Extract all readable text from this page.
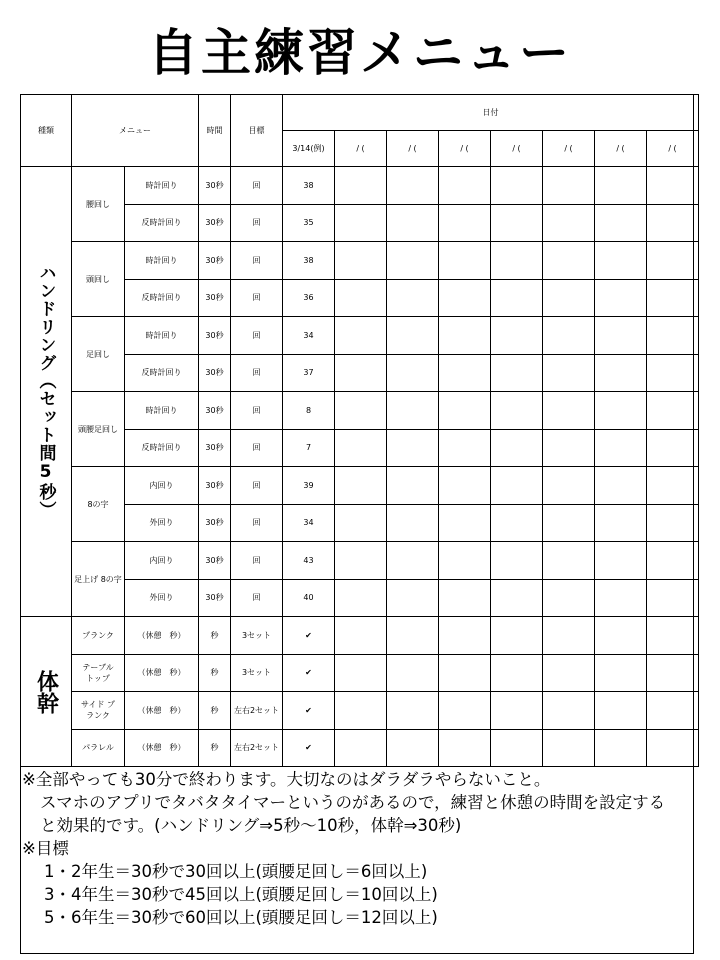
自主練習メニュー
種類	メニュー		時間	目標	日付							
					3/14(例)	/ (	/ (	/ (	/ (	/ (	/ (	/ (

ハンドリング（セット間5秒）	腰回し	時計回り	30秒	回	38							
		反時計回り	30秒	回	35							
	頭回し	時計回り	30秒	回	38							
		反時計回り	30秒	回	36							
	足回し	時計回り	30秒	回	34							
		反時計回り	30秒	回	37							
	頭腰足回し	時計回り	30秒	回	8							
		反時計回り	30秒	回	7							
	8の字	内回り	30秒	回	39							
		外回り	30秒	回	34							
	足上げ 8の字	内回り	30秒	回	43							
		外回り	30秒	回	40							

体幹	プランク	（休憩　秒）	秒	3セット	✔							
	テーブル トップ	（休憩　秒）	秒	3セット	✔							
	サイド プランク	（休憩　秒）	秒	左右2セット	✔							
	パラレル	（休憩　秒）	秒	左右2セット	✔							
※全部やっても30分で終わります。大切なのはダラダラやらないこと。
スマホのアプリでタバタタイマーというのがあるので，練習と休憩の時間を設定する
と効果的です。(ハンドリング⇒5秒～10秒，体幹⇒30秒)
※目標
1・2年生＝30秒で30回以上(頭腰足回し＝6回以上)
3・4年生＝30秒で45回以上(頭腰足回し＝10回以上)
5・6年生＝30秒で60回以上(頭腰足回し＝12回以上)
